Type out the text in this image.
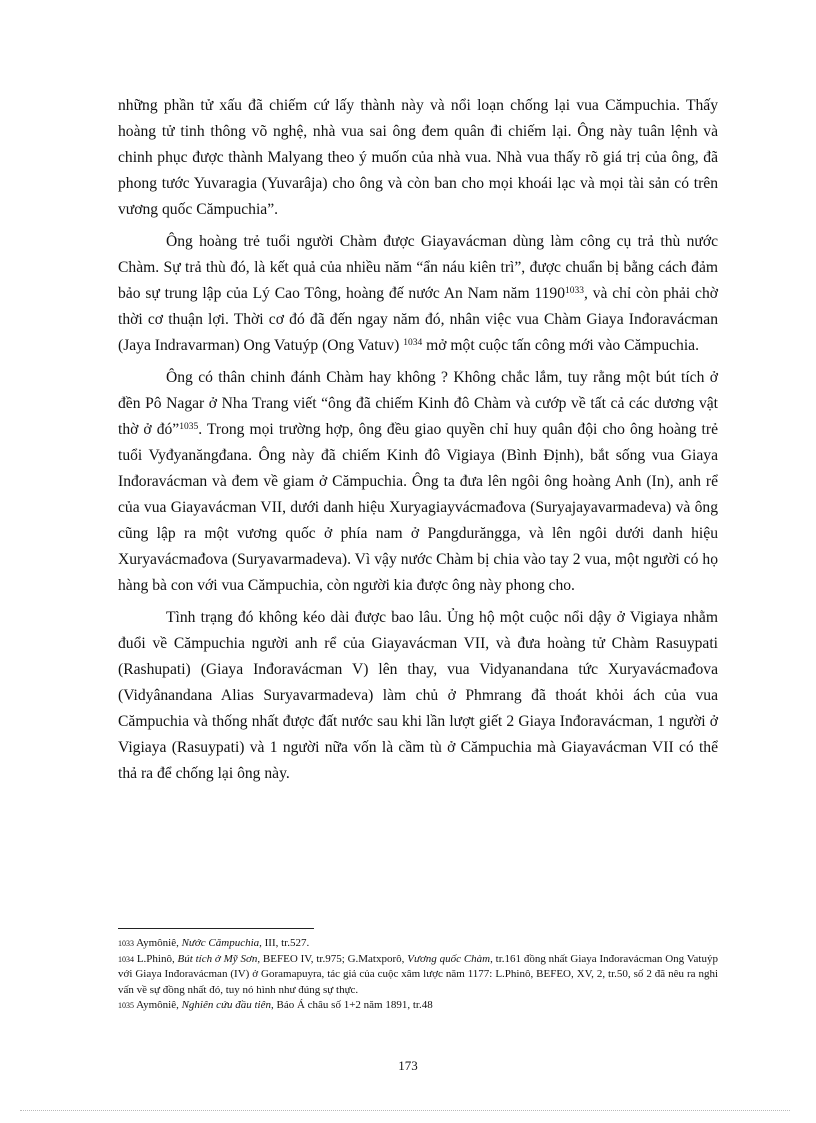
những phần tử xấu đã chiếm cứ lấy thành này và nổi loạn chống lại vua Cămpuchia. Thấy hoàng tử tinh thông võ nghệ, nhà vua sai ông đem quân đi chiếm lại. Ông này tuân lệnh và chinh phục được thành Malyang theo ý muốn của nhà vua. Nhà vua thấy rõ giá trị của ông, đã phong tước Yuvaragia (Yuvarâja) cho ông và còn ban cho mọi khoái lạc và mọi tài sản có trên vương quốc Cămpuchia”.

Ông hoàng trẻ tuổi người Chàm được Giayavácman dùng làm công cụ trả thù nước Chàm. Sự trả thù đó, là kết quả của nhiều năm “ẩn náu kiên trì”, được chuẩn bị bằng cách đảm bảo sự trung lập của Lý Cao Tông, hoàng đế nước An Nam năm $1190^{1033}$, và chỉ còn phải chờ thời cơ thuận lợi. Thời cơ đó đã đến ngay năm đó, nhân việc vua Chàm Giaya Inđoravácman (Jaya Indravarman) Ong Vatuýp (Ong Vatuv) $^{1034}$ mở một cuộc tấn công mới vào Cămpuchia.

Ông có thân chinh đánh Chàm hay không ? Không chắc lắm, tuy rằng một bút tích ở đền Pô Nagar ở Nha Trang viết “ông đã chiếm Kinh đô Chàm và cướp về tất cả các dương vật thờ ở đó”$^{1035}$. Trong mọi trường hợp, ông đều giao quyền chỉ huy quân đội cho ông hoàng trẻ tuổi Vyđyanăngđana. Ông này đã chiếm Kinh đô Vigiaya (Bình Định), bắt sống vua Giaya Inđoravácman và đem về giam ở Cămpuchia. Ông ta đưa lên ngôi ông hoàng Anh (In), anh rể của vua Giayavácman VII, dưới danh hiệu Xuryagiayvácmađova (Suryajayavarmadeva) và ông cũng lập ra một vương quốc ở phía nam ở Pangdurăngga, và lên ngôi dưới danh hiệu Xuryavácmađova (Suryavarmadeva). Vì vậy nước Chàm bị chia vào tay 2 vua, một người có họ hàng bà con với vua Cămpuchia, còn người kia được ông này phong cho.

Tình trạng đó không kéo dài được bao lâu. Ủng hộ một cuộc nổi dậy ở Vigiaya nhằm đuổi về Cămpuchia người anh rể của Giayavácman VII, và đưa hoàng tử Chàm Rasuypati (Rashupati) (Giaya Inđoravácman V) lên thay, vua Vidyanandana tức Xuryavácmađova (Vidyânandana Alias Suryavarmadeva) làm chủ ở Phmrang đã thoát khỏi ách của vua Cămpuchia và thống nhất được đất nước sau khi lần lượt giết 2 Giaya Inđoravácman, 1 người ở Vigiaya (Rasuypati) và 1 người nữa vốn là cầm tù ở Cămpuchia mà Giayavácman VII có thể thả ra để chống lại ông này.

1033 Aymôniê, Nước Cămpuchia, III, tr.527.

1034 L.Phinô, Bút tích ở Mỹ Sơn, BEFEO IV, tr.975; G.Matxporô, Vương quốc Chàm, tr.161 đồng nhất Giaya Inđoravácman Ong Vatuýp với Giaya Inđoravácman (IV) ở Goramapuyra, tác giả của cuộc xâm lược năm 1177: L.Phinô, BEFEO, XV, 2, tr.50, số 2 đã nêu ra nghi vấn về sự đồng nhất đó, tuy nó hình như đúng sự thực.

1035 Aymôniê, Nghiên cứu đầu tiên, Báo Á châu số 1+2 năm 1891, tr.48

173
